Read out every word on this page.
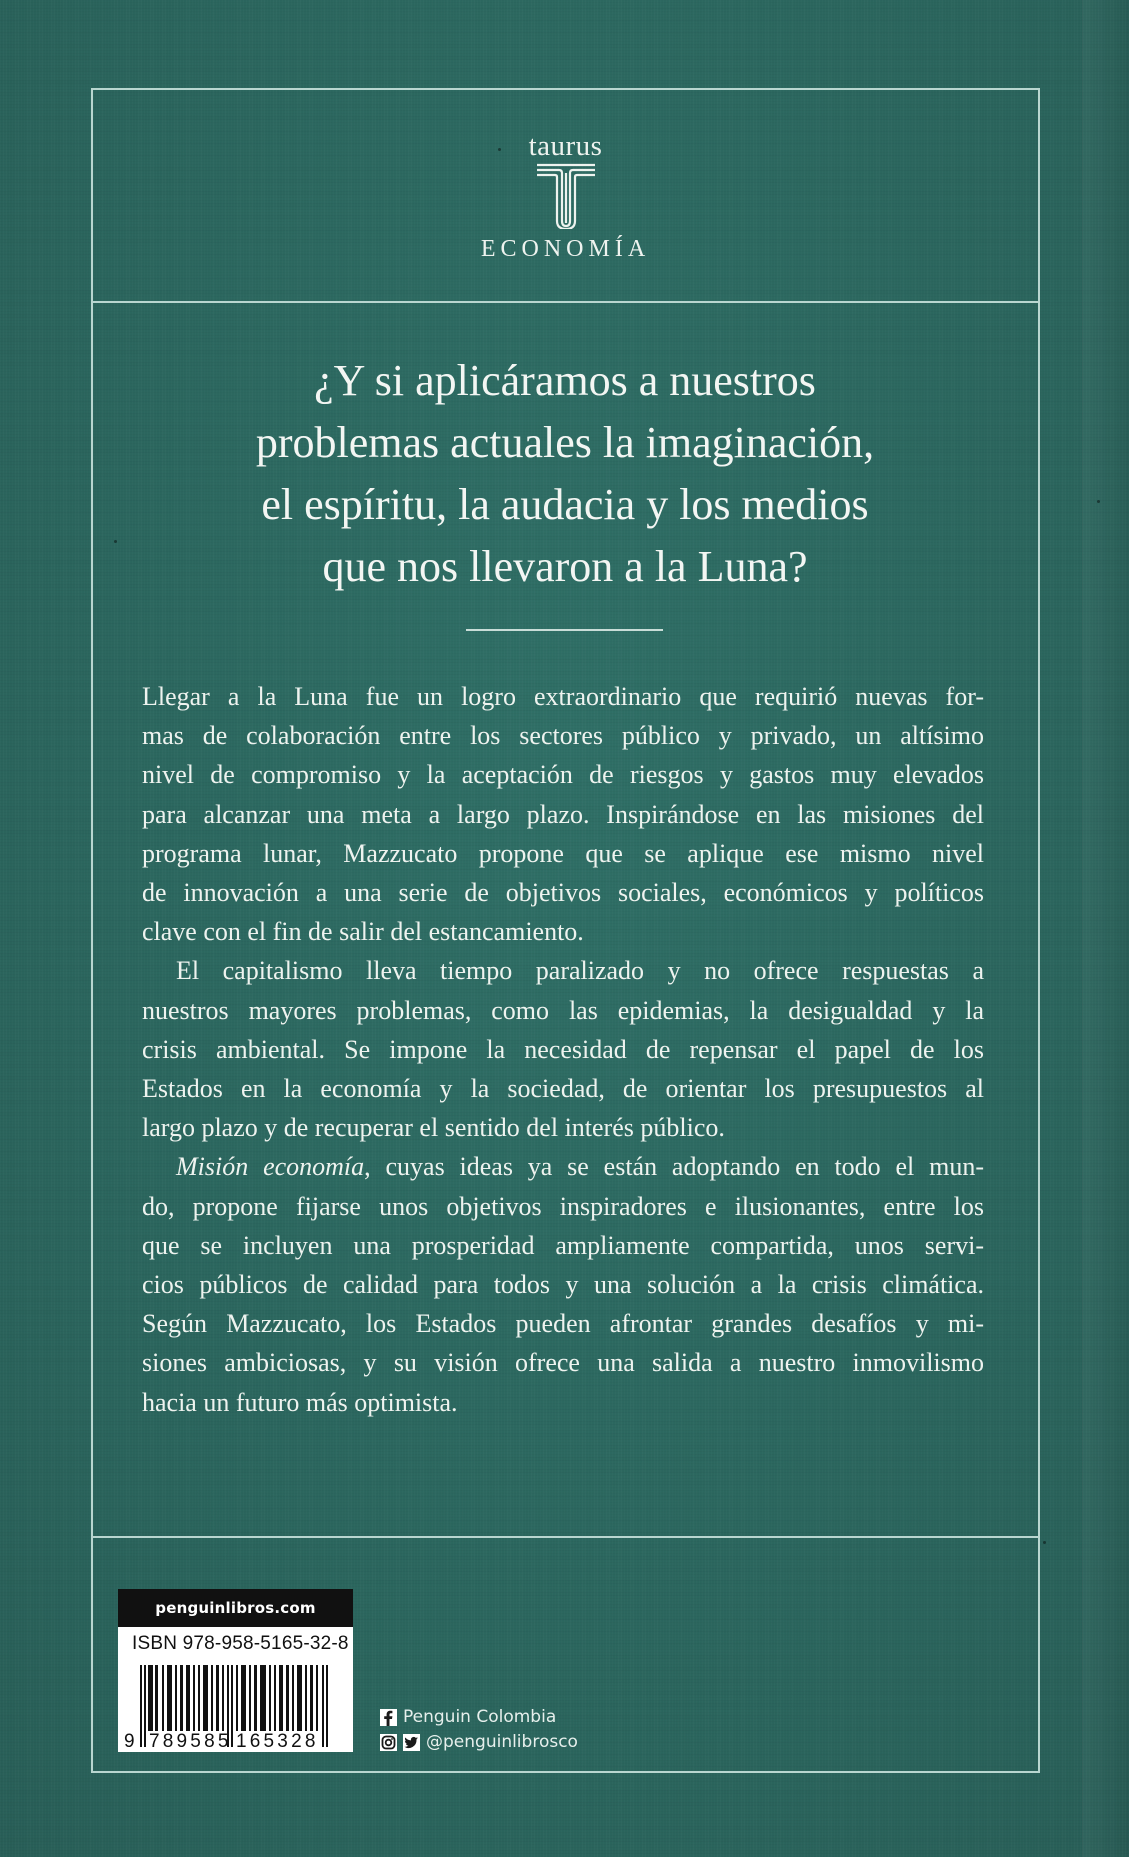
taurus
ECONOMÍA
¿Y si aplicáramos a nuestros
problemas actuales la imaginación,
el espíritu, la audacia y los medios
que nos llevaron a la Luna?
Llegar a la Luna fue un logro extraordinario que requirió nuevas for-
mas de colaboración entre los sectores público y privado, un altísimo
nivel de compromiso y la aceptación de riesgos y gastos muy elevados
para alcanzar una meta a largo plazo. Inspirándose en las misiones del
programa lunar, Mazzucato propone que se aplique ese mismo nivel
de innovación a una serie de objetivos sociales, económicos y políticos
clave con el fin de salir del estancamiento.
El capitalismo lleva tiempo paralizado y no ofrece respuestas a
nuestros mayores problemas, como las epidemias, la desigualdad y la
crisis ambiental. Se impone la necesidad de repensar el papel de los
Estados en la economía y la sociedad, de orientar los presupuestos al
largo plazo y de recuperar el sentido del interés público.
Misión economía, cuyas ideas ya se están adoptando en todo el mun-
do, propone fijarse unos objetivos inspiradores e ilusionantes, entre los
que se incluyen una prosperidad ampliamente compartida, unos servi-
cios públicos de calidad para todos y una solución a la crisis climática.
Según Mazzucato, los Estados pueden afrontar grandes desafíos y mi-
siones ambiciosas, y su visión ofrece una salida a nuestro inmovilismo
hacia un futuro más optimista.
penguinlibros.com
ISBN 978-958-5165-32-8
9 789585 165328
Penguin Colombia
@penguinlibrosco
